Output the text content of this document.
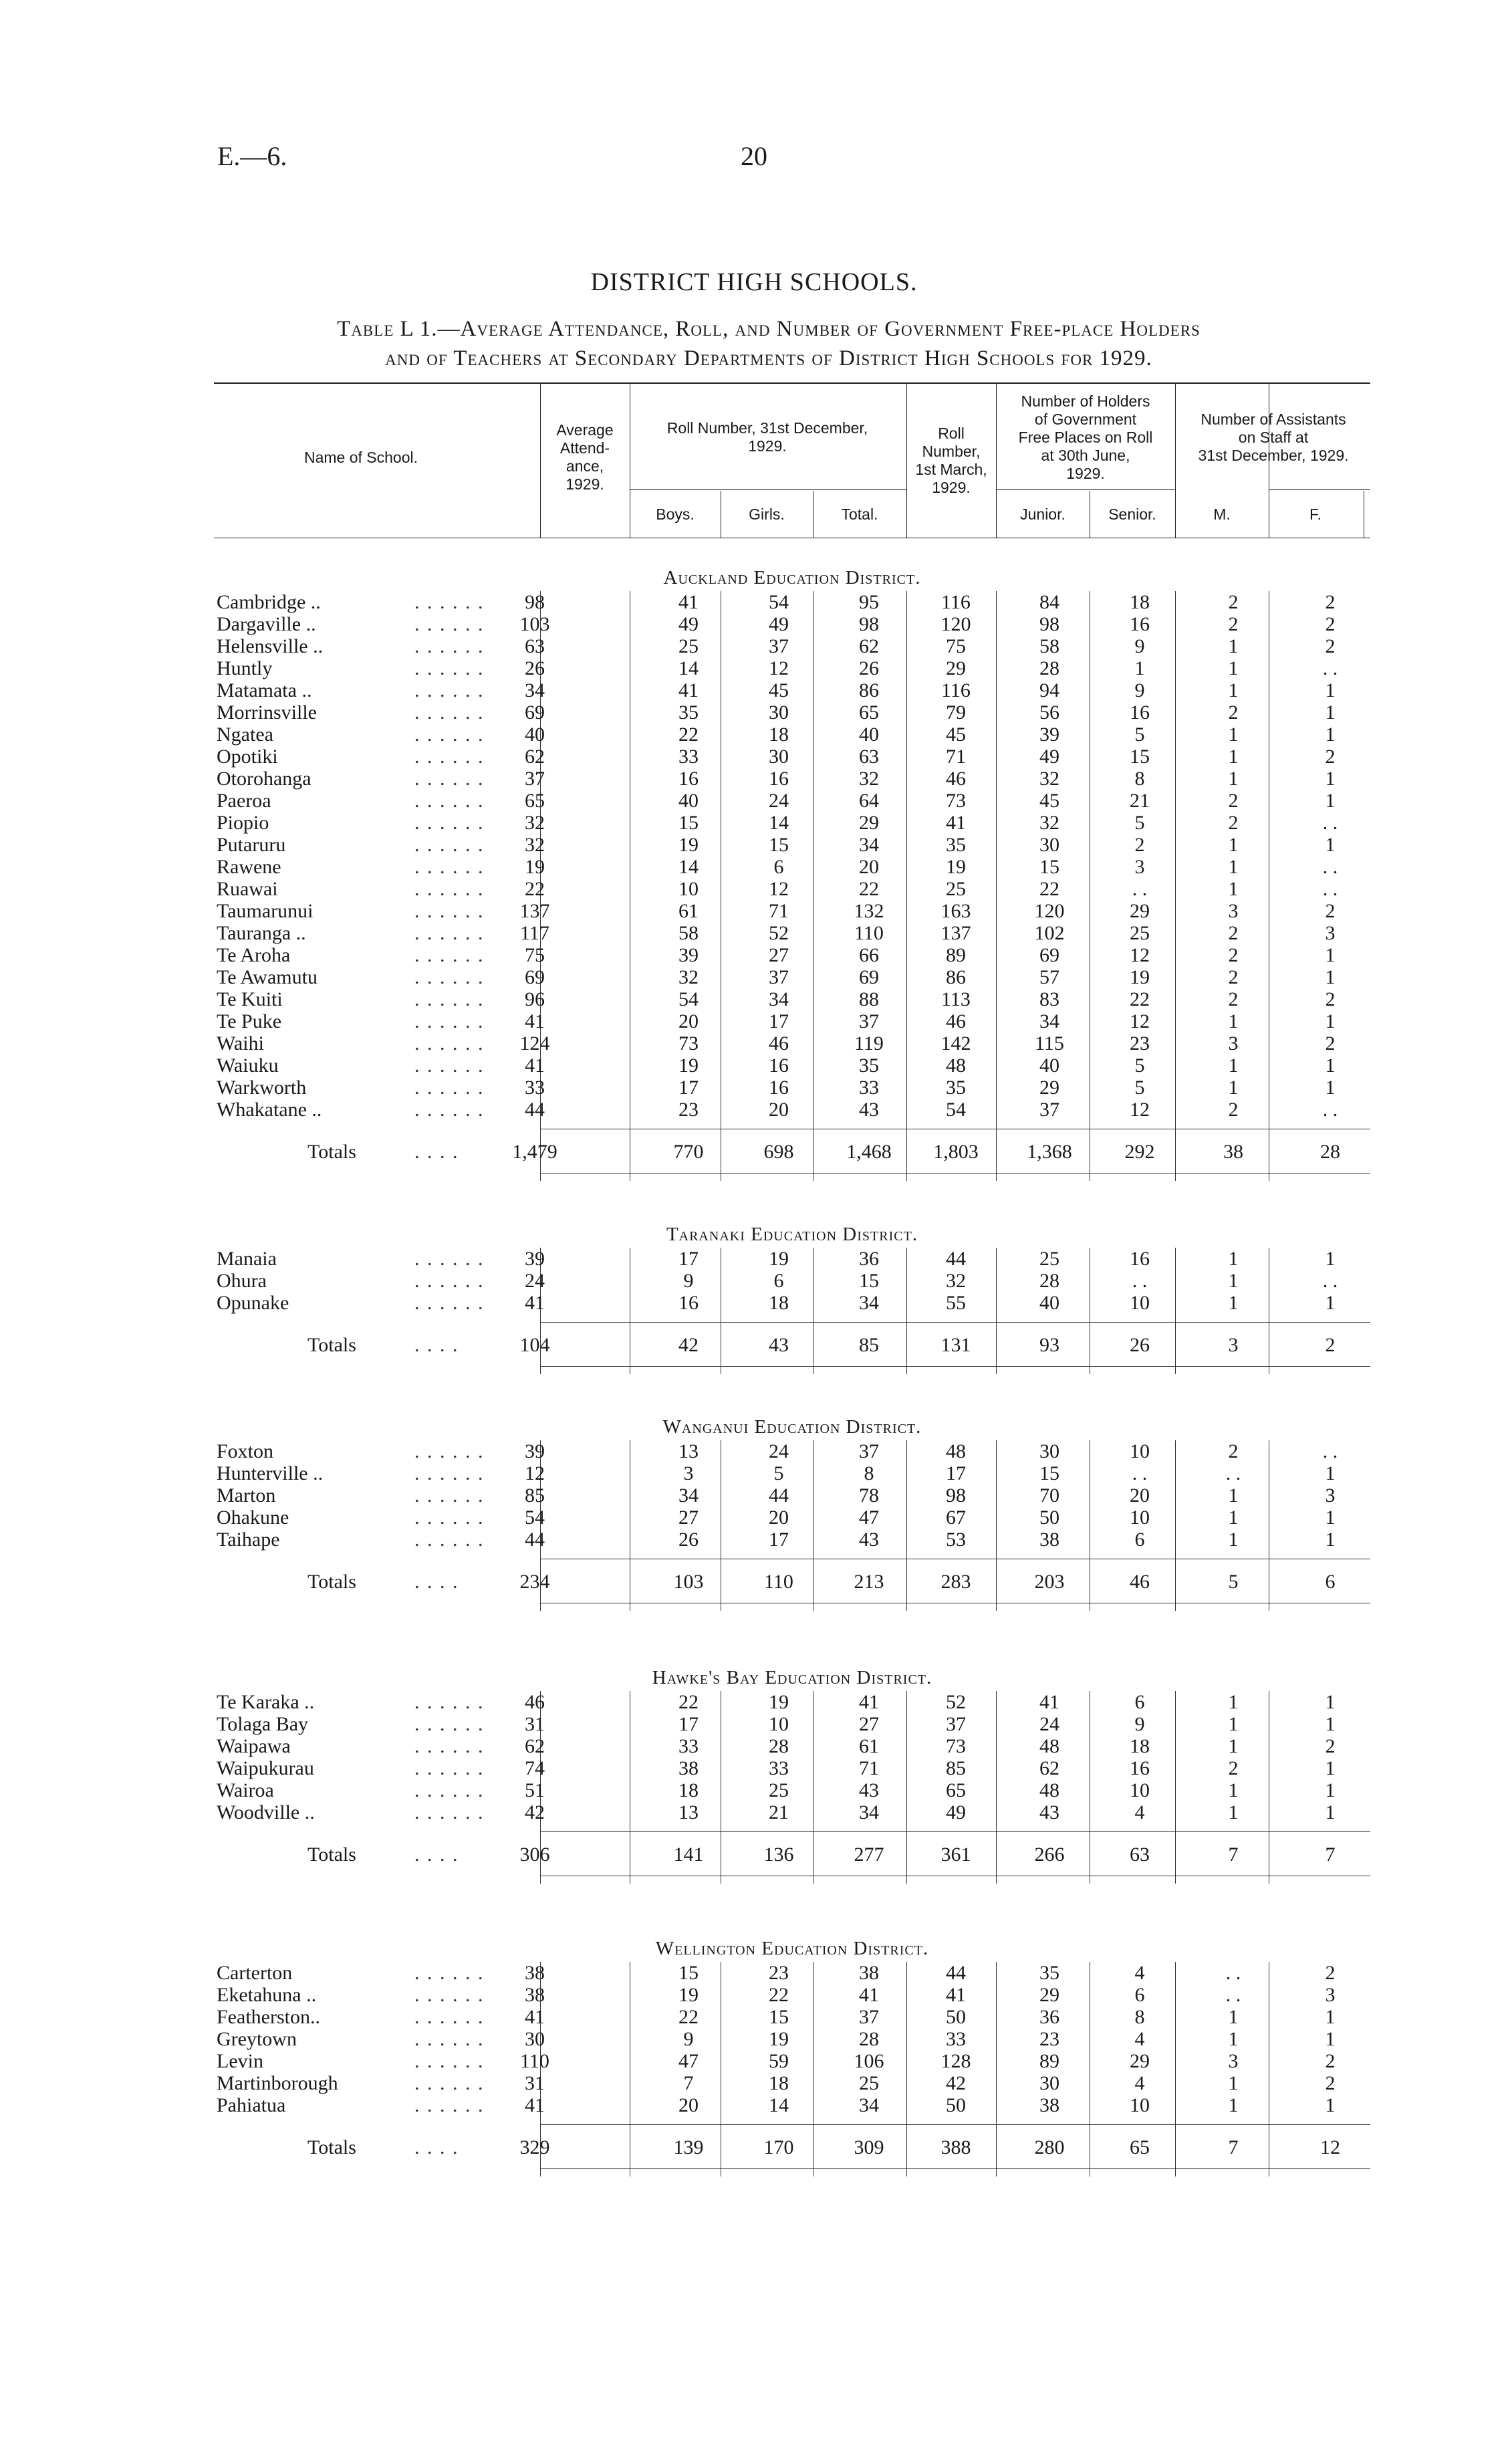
E.—6.	20
DISTRICT HIGH SCHOOLS.
Table L 1.—Average Attendance, Roll, and Number of Government Free-place Holders
and of Teachers at Secondary Departments of District High Schools for 1929.
Name of School.
Average
Attend-
ance,
1929.
Roll Number, 31st December,
1929.
Boys.	Girls.	Total.
Roll
Number,
1st March,
1929.
Number of Holders
of Government
Free Places on Roll
at 30th June,
1929.
Junior.	Senior.
Number of Assistants
on Staff at
31st December, 1929.
M.	F.
Auckland Education District.
Cambridge ..	. . . . . .	98	41	54	95	116	84	18	2	2
Dargaville ..	. . . . . .	103	49	49	98	120	98	16	2	2
Helensville ..	. . . . . .	63	25	37	62	75	58	9	1	2
Huntly	. . . . . .	26	14	12	26	29	28	1	1	. .
Matamata ..	. . . . . .	34	41	45	86	116	94	9	1	1
Morrinsville	. . . . . .	69	35	30	65	79	56	16	2	1
Ngatea	. . . . . .	40	22	18	40	45	39	5	1	1
Opotiki	. . . . . .	62	33	30	63	71	49	15	1	2
Otorohanga	. . . . . .	37	16	16	32	46	32	8	1	1
Paeroa	. . . . . .	65	40	24	64	73	45	21	2	1
Piopio	. . . . . .	32	15	14	29	41	32	5	2	. .
Putaruru	. . . . . .	32	19	15	34	35	30	2	1	1
Rawene	. . . . . .	19	14	6	20	19	15	3	1	. .
Ruawai	. . . . . .	22	10	12	22	25	22	. .	1	. .
Taumarunui	. . . . . .	137	61	71	132	163	120	29	3	2
Tauranga ..	. . . . . .	117	58	52	110	137	102	25	2	3
Te Aroha	. . . . . .	75	39	27	66	89	69	12	2	1
Te Awamutu	. . . . . .	69	32	37	69	86	57	19	2	1
Te Kuiti	. . . . . .	96	54	34	88	113	83	22	2	2
Te Puke	. . . . . .	41	20	17	37	46	34	12	1	1
Waihi	. . . . . .	124	73	46	119	142	115	23	3	2
Waiuku	. . . . . .	41	19	16	35	48	40	5	1	1
Warkworth	. . . . . .	33	17	16	33	35	29	5	1	1
Whakatane ..	. . . . . .	44	23	20	43	54	37	12	2	. .
Totals	. . . .	1,479	770	698	1,468	1,803	1,368	292	38	28
Taranaki Education District.
Manaia	. . . . . .	39	17	19	36	44	25	16	1	1
Ohura	. . . . . .	24	9	6	15	32	28	. .	1	. .
Opunake	. . . . . .	41	16	18	34	55	40	10	1	1
Totals	. . . .	104	42	43	85	131	93	26	3	2
Wanganui Education District.
Foxton	. . . . . .	39	13	24	37	48	30	10	2	. .
Hunterville ..	. . . . . .	12	3	5	8	17	15	. .	. .	1
Marton	. . . . . .	85	34	44	78	98	70	20	1	3
Ohakune	. . . . . .	54	27	20	47	67	50	10	1	1
Taihape	. . . . . .	44	26	17	43	53	38	6	1	1
Totals	. . . .	234	103	110	213	283	203	46	5	6
Hawke's Bay Education District.
Te Karaka ..	. . . . . .	46	22	19	41	52	41	6	1	1
Tolaga Bay	. . . . . .	31	17	10	27	37	24	9	1	1
Waipawa	. . . . . .	62	33	28	61	73	48	18	1	2
Waipukurau	. . . . . .	74	38	33	71	85	62	16	2	1
Wairoa	. . . . . .	51	18	25	43	65	48	10	1	1
Woodville ..	. . . . . .	42	13	21	34	49	43	4	1	1
Totals	. . . .	306	141	136	277	361	266	63	7	7
Wellington Education District.
Carterton	. . . . . .	38	15	23	38	44	35	4	. .	2
Eketahuna ..	. . . . . .	38	19	22	41	41	29	6	. .	3
Featherston..	. . . . . .	41	22	15	37	50	36	8	1	1
Greytown	. . . . . .	30	9	19	28	33	23	4	1	1
Levin	. . . . . .	110	47	59	106	128	89	29	3	2
Martinborough	. . . . . .	31	7	18	25	42	30	4	1	2
Pahiatua	. . . . . .	41	20	14	34	50	38	10	1	1
Totals	. . . .	329	139	170	309	388	280	65	7	12
